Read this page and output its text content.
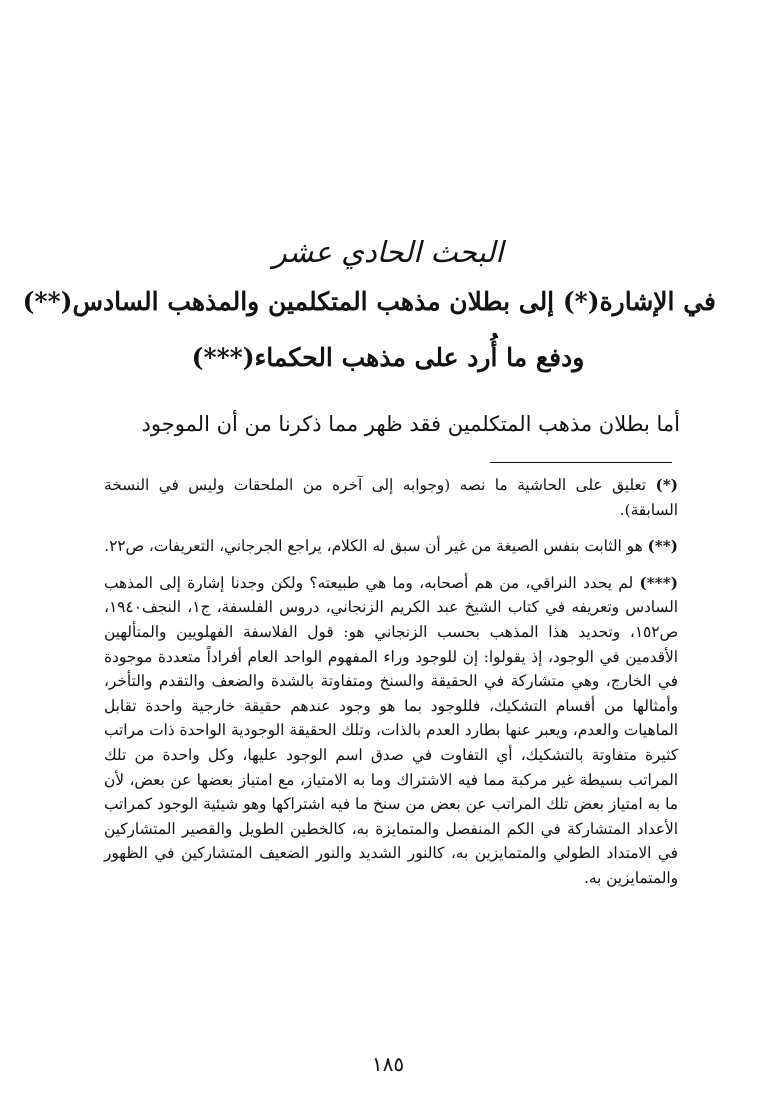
البحث الحادي عشر
في الإشارة(*) إلى بطلان مذهب المتكلمين والمذهب السادس(**)
ودفع ما أُرد على مذهب الحكماء(***)
أما بطلان مذهب المتكلمين فقد ظهر مما ذكرنا من أن الموجود

(*) تعليق على الحاشية ما نصه (وجوابه إلى آخره من الملحقات وليس في النسخة السابقة).

(**) هو الثابت بنفس الصيغة من غير أن سبق له الكلام، يراجع الجرجاني، التعريفات، ص٢٢.

(***) لم يحدد النراقي، من هم أصحابه، وما هي طبيعته؟ ولكن وجدنا إشارة إلى المذهب السادس وتعريفه في كتاب الشيخ عبد الكريم الزنجاني، دروس الفلسفة، ج١، النجف١٩٤٠، ص١٥٢، وتحديد هذا المذهب بحسب الزنجاني هو: قول الفلاسفة الفهلويين والمتألهين الأقدمين في الوجود، إذ يقولوا: إن للوجود وراء المفهوم الواحد العام أفراداً متعددة موجودة في الخارج، وهي متشاركة في الحقيقة والسنخ ومتفاوتة بالشدة والضعف والتقدم والتأخر، وأمثالها من أقسام التشكيك، فللوجود بما هو وجود عندهم حقيقة خارجية واحدة تقابل الماهيات والعدم، ويعبر عنها بطارد العدم بالذات، وتلك الحقيقة الوجودية الواحدة ذات مراتب كثيرة متفاوتة بالتشكيك، أي التفاوت في صدق اسم الوجود عليها، وكل واحدة من تلك المراتب بسيطة غير مركبة مما فيه الاشتراك وما به الامتياز، مع امتياز بعضها عن بعض، لأن ما به امتياز بعض تلك المراتب عن بعض من سنخ ما فيه اشتراكها وهو شيئية الوجود كمراتب الأعداد المتشاركة في الكم المنفصل والمتمايزة به، كالخطين الطويل والقصير المتشاركين في الامتداد الطولي والمتمايزين به، كالنور الشديد والنور الضعيف المتشاركين في الظهور والمتمايزين به.

١٨٥
